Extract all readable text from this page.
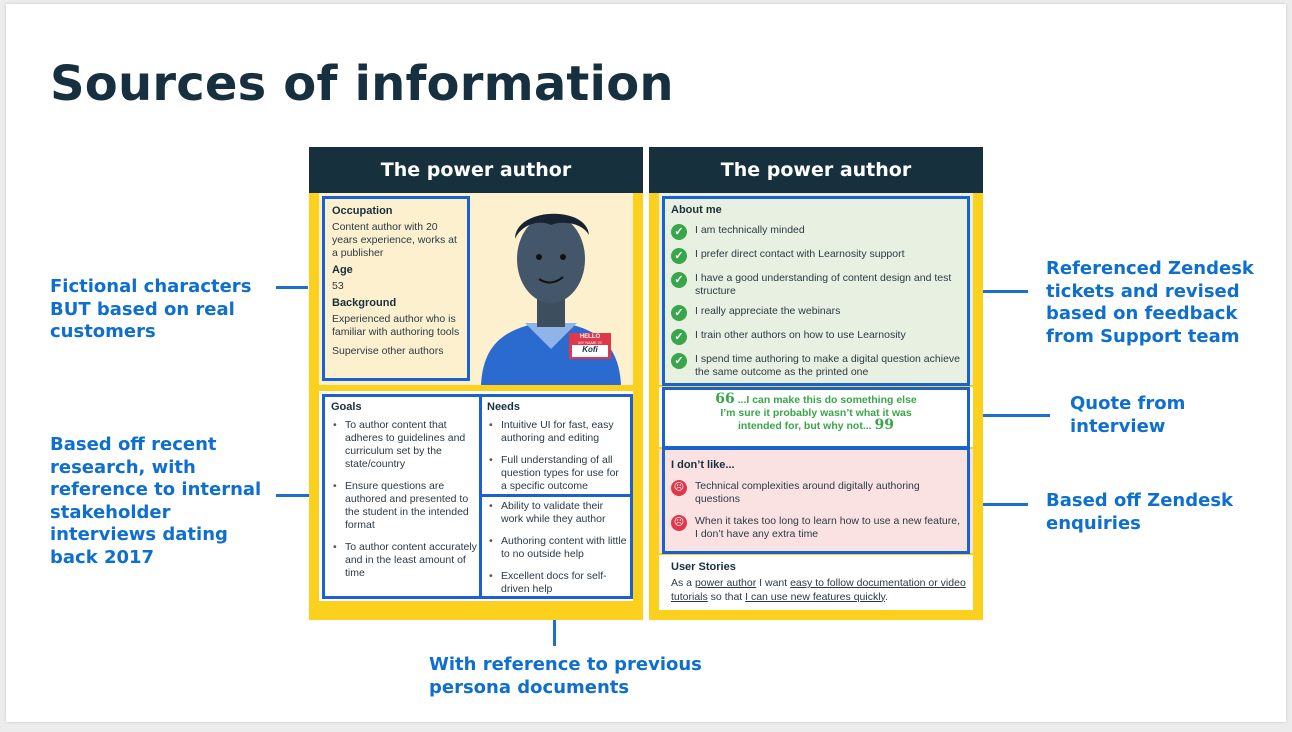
Sources of information
Fictional characters
BUT based on real
customers
Based off recent
research, with
reference to internal
stakeholder
interviews dating
back 2017
With reference to previous
persona documents
Referenced Zendesk
tickets and revised
based on feedback
from Support team
Quote from
interview
Based off Zendesk
enquiries
The power author
HELLO
MY NAME IS
Kofi
Occupation
Content author with 20 years experience, works at a publisher
Age
53
Background
Experienced author who is familiar with authoring tools
Supervise other authors
Goals
• To author content that adheres to guidelines and curriculum set by the state/country
• Ensure questions are authored and presented to the student in the intended format
• To author content accurately and in the least amount of time
Needs
• Intuitive UI for fast, easy authoring and editing
• Full understanding of all question types for use for a specific outcome
• Ability to validate their work while they author
• Authoring content with little to no outside help
• Excellent docs for self-driven help
The power author
About me
✓	I am technically minded
✓	I prefer direct contact with Learnosity support
✓	I have a good understanding of content design and test structure
✓	I really appreciate the webinars
✓	I train other authors on how to use Learnosity
✓	I spend time authoring to make a digital question achieve the same outcome as the printed one
66 ...I can make this do something else
I’m sure it probably wasn’t what it was
intended for, but why not... 99
I don’t like...
☹ Technical complexities around digitally authoring questions
☹ When it takes too long to learn how to use a new feature, I don’t have any extra time
User Stories
As a power author I want easy to follow documentation or video tutorials so that I can use new features quickly.
